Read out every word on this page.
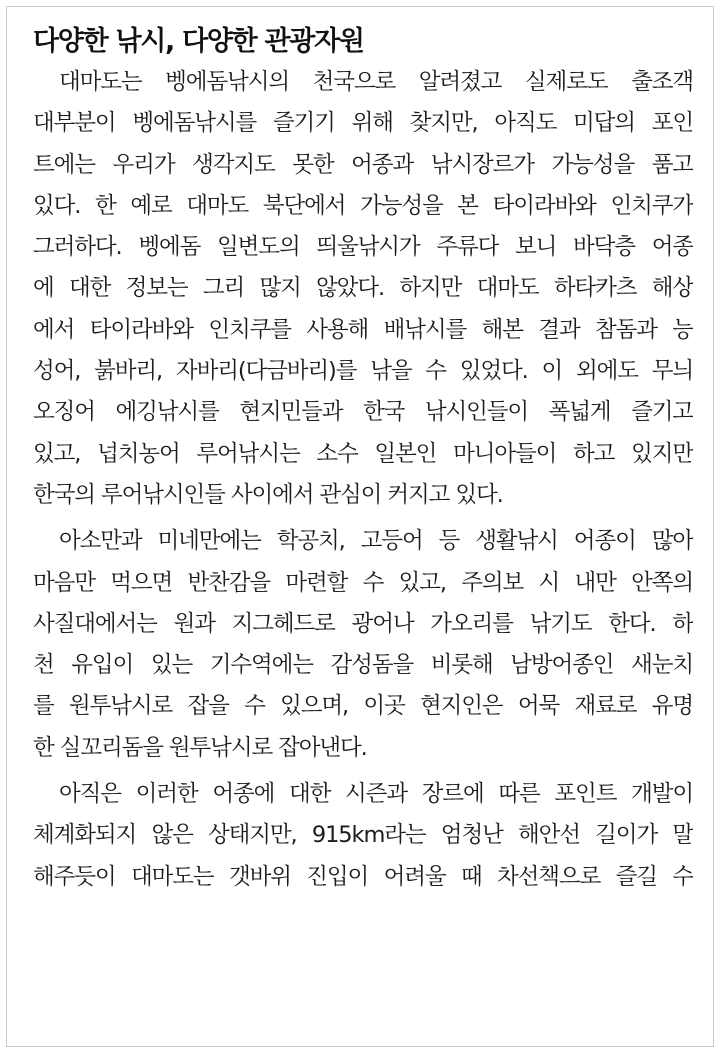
다양한 낚시, 다양한 관광자원
대마도는 벵에돔낚시의 천국으로 알려졌고 실제로도 출조객
대부분이 벵에돔낚시를 즐기기 위해 찾지만, 아직도 미답의 포인
트에는 우리가 생각지도 못한 어종과 낚시장르가 가능성을 품고
있다. 한 예로 대마도 북단에서 가능성을 본 타이라바와 인치쿠가
그러하다. 벵에돔 일변도의 띄울낚시가 주류다 보니 바닥층 어종
에 대한 정보는 그리 많지 않았다. 하지만 대마도 하타카츠 해상
에서 타이라바와 인치쿠를 사용해 배낚시를 해본 결과 참돔과 능
성어, 붉바리, 자바리(다금바리)를 낚을 수 있었다. 이 외에도 무늬
오징어 에깅낚시를 현지민들과 한국 낚시인들이 폭넓게 즐기고
있고, 넙치농어 루어낚시는 소수 일본인 마니아들이 하고 있지만
한국의 루어낚시인들 사이에서 관심이 커지고 있다.
아소만과 미네만에는 학공치, 고등어 등 생활낚시 어종이 많아
마음만 먹으면 반찬감을 마련할 수 있고, 주의보 시 내만 안쪽의
사질대에서는 원과 지그헤드로 광어나 가오리를 낚기도 한다. 하
천 유입이 있는 기수역에는 감성돔을 비롯해 남방어종인 새눈치
를 원투낚시로 잡을 수 있으며, 이곳 현지인은 어묵 재료로 유명
한 실꼬리돔을 원투낚시로 잡아낸다.
아직은 이러한 어종에 대한 시즌과 장르에 따른 포인트 개발이
체계화되지 않은 상태지만, 915km라는 엄청난 해안선 길이가 말
해주듯이 대마도는 갯바위 진입이 어려울 때 차선책으로 즐길 수
